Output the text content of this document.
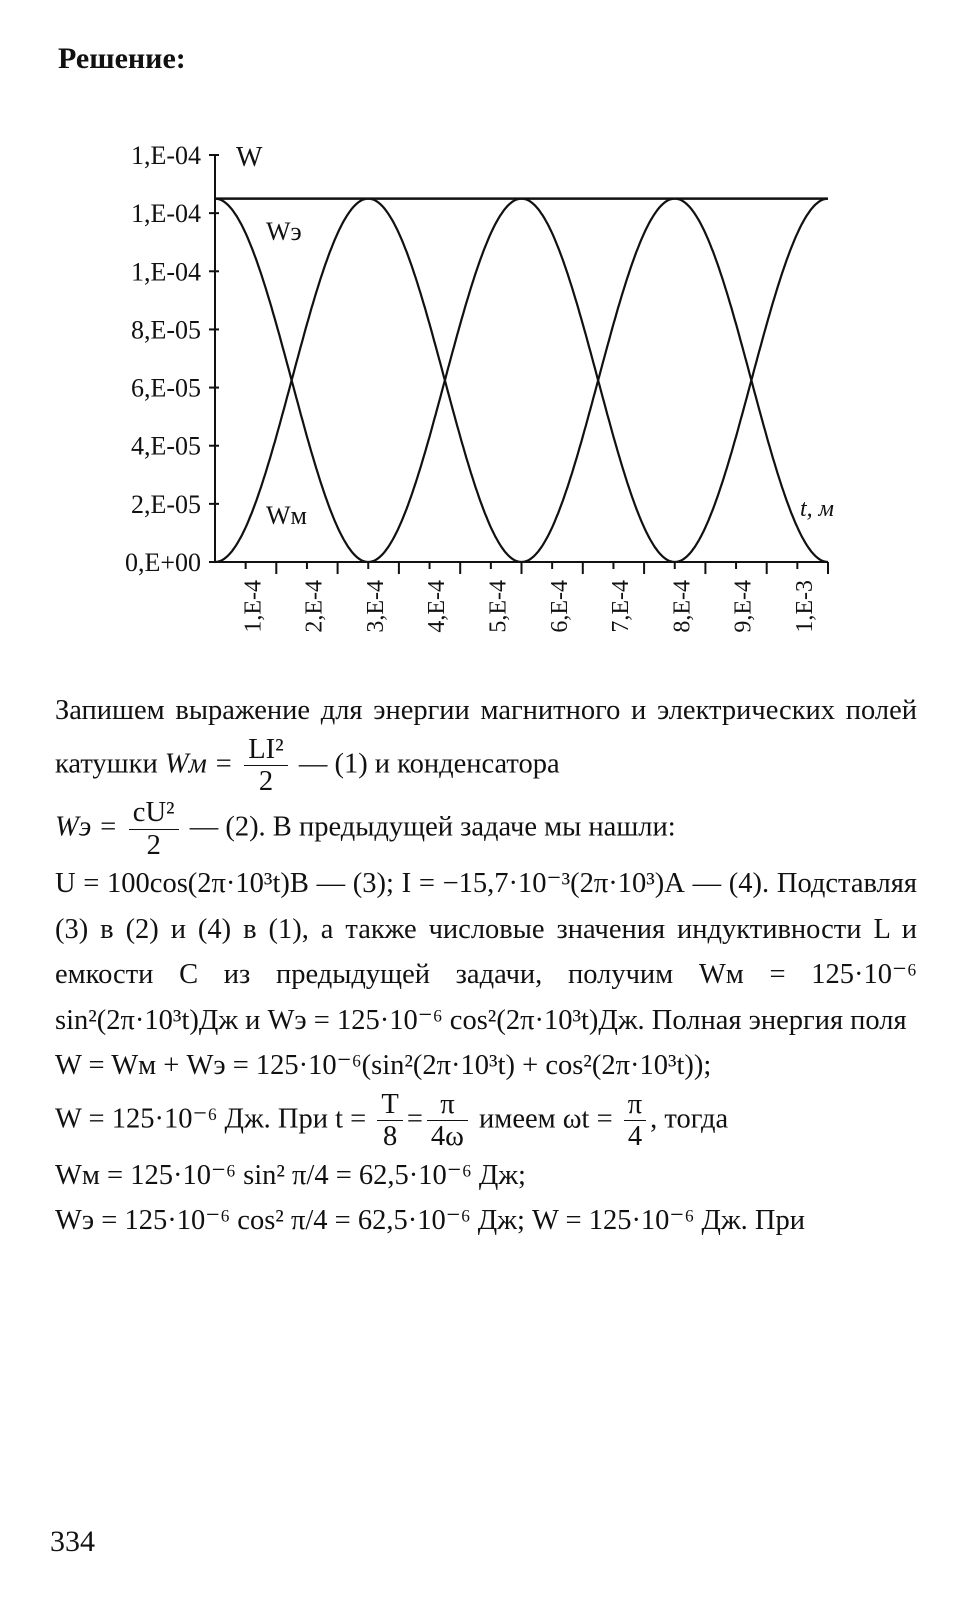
Решение:
0,E+00
2,E-05
4,E-05
6,E-05
8,E-05
1,E-04
1,E-04
1,E-04
1,E-4 2,E-4 3,E-4 4,E-4 5,E-4 6,E-4 7,E-4 8,E-4 9,E-4 1,E-3
W
t, м
Wэ
Wм
Запишем выражение для энергии магнитного и электрических полей катушки Wм = $\frac{\text{LI²}}{2}$ — (1) и конденсатора
Wэ = $\frac{\text{cU²}}{2}$ — (2). В предыдущей задаче мы нашли:
U = 100cos(2π·10³t)В — (3); I = −15,7·10⁻³(2π·10³)А — (4). Подставляя (3) в (2) и (4) в (1), а также числовые значения индуктивности L и емкости C из предыдущей задачи, получим Wм = 125·10⁻⁶ sin²(2π·10³t)Дж и Wэ = 125·10⁻⁶ cos²(2π·10³t)Дж. Полная энергия поля
W = Wм + Wэ = 125·10⁻⁶(sin²(2π·10³t) + cos²(2π·10³t));
W = 125·10⁻⁶ Дж. При $t = \frac{T}{8} = \frac{\pi}{4\omega}$ имеем $\omega t = \frac{\pi}{4}$ , тогда
Wм = 125·10⁻⁶ sin² π/4 = 62,5·10⁻⁶ Дж;
Wэ = 125·10⁻⁶ cos² π/4 = 62,5·10⁻⁶ Дж; W = 125·10⁻⁶ Дж. При
334
